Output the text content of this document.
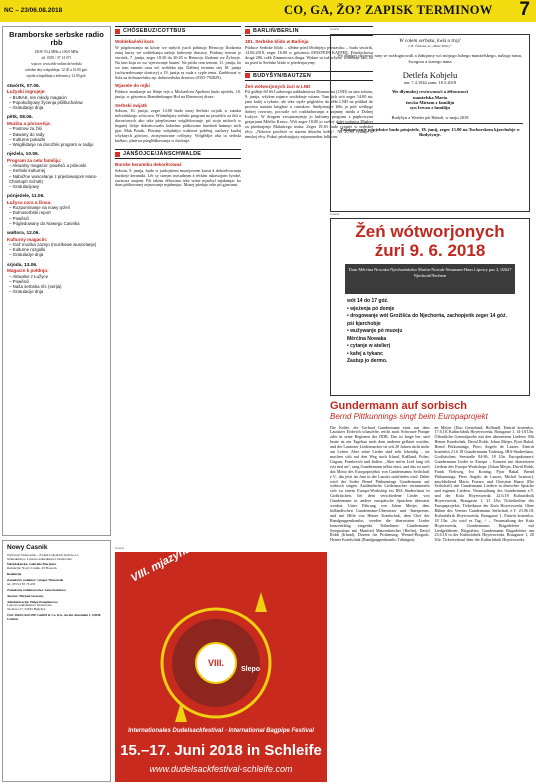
NC – 23/06.08.2018	CO, GA, ŽO? ZAPISK TERMINOW 7
Bramborske serbske radio rbb
UKW 93,4 MHz a 100,0 MHz
tel. 0355 / 37 14 071
wjacor: www.rbb-online.de/serbski
wšedne dny wótpołdnja: 12.30 a 16.00 góź.
srjoda wótpołdnja a źełownicy 12.00 góź.
stwórtk, 07.06.
Łužyski ingrojeje:
– BUBAK, ten młody magacin
– Popołodnjowy žycenja pšišluchaŕow
– Gratulacije dnja
pětk, 08.06.
Muzika a póruceńja:
– Postrow za žiśi
– Dawany do rady
– Kulturne pokazki
– Wóglědanje na dorožski program w radiju
njeźela, 10.06.
Program za celu familiju:
– Aktualny magacin: powěsći a pśinoski
– Serbski kulturnej
– Nabóžne wuscelanje z prjedowarjom Hans-Christoph Schütt)
– Gratulacijowy
pónjeźele, 11.06.
Łužyca cora a žinsa:
– Rozpominanje na nowy tyźeń
– Dolnoserbski report
– Powěsći
– Pógledowany do Nowego Casnika
wałtora, 12.06.
Kulturny magacin:
– Gaž muzika zaznjo (muzikowe wuscelanje)
– Kulturne rozgulki
– Gratulacije dnja
srjoda, 13.06.
Magacin k połdnju:
– Aktualne z Łužyce
– Powěsći
– Naša serbska rěc (serija)
– Gratulacije dnja
Nowy Casnik
Wydawaŕ: Domowina – Zwězk Łužyskich Serbow z.t.
Nakładnistwo: Ludowe nakładnistwo Domowina
Šefredaktorka: Gabriela Marjanec
Redakcija: Nowy Casnik, Pó Bossom
Redakcija
Zamołwity redaktor: Gregor Wieczorek
tel. 0355/4 85 76 433
Zamołwita redaktorowka: Jana Stoklossa
Anonse: Mirjam Szczesny
Administracija: Helga Pomplunowa
Ludowe nakładnistwo Domowina
Tachowa 27, 02625 Budyšyn
Ćišć: DRUCKZONE GmbH & Co. KG, An der Autobahn 1, 03048 Cottbus
CHÓSEBUZ/COTTBUS
Woblekańskí kurs
W pógótowanju na kóoty we našych jsach póbitujo Heincojc šlodarnia zasej kursy we woblekanju našeje ludoweje drastwy. Pśiduny termin jo stwórtk, 7. junija, zeger 18:30 do 20:45 w Heincojc šlodarni we Žylowje. Na tom žnju zo wo wjerowanje šnureŕ. Na pśidu cem termin, 11. junija, žo we tom samem casu wó wobleka nju. Dalšnej termina stej 18. junija (wótwardowanje drastwy) a 19. junija sa cuda z cyple tema. Zarědowaŕ w Sula za dolnoserbsku ręc dolnoserbsku drastwu (0355-792829).
Wjasele do rejki
Pśiduce zmakanje na lětnje reje z Michaelom Apeltom budo njeźelu, 10. junija, w góscencu Brandenburger Hof na Ebertowej droze.
Serbski swjatk
Sobotu, 16. junija, zeger 14:00 budo zasej Serbski swjatk w zamku měsćańskego wótcowa. Wótměnjaty serbski program na jawnišću za žiśi a dorosćonych ako teke pśepšosonse wóglědowanje, pśi stoju nickach w bogatej licbje dokońcowabs kołachm pótkowane kumbali kamnjo nich pjac Mak Prasik. Pśizimy wótpłaśijo wałtorne poběraj, nackery kuzłaj wšyknych gósćom, zrozymowane ceflejaty. Wóglědjie oba ta serbski kužlarc, płaśiwa pśeglědkowanja w dwórnje.
JANŠOJCE/JÄNSCHWALDE
Burske keramiku dekorěrowaś
Sobotu, 9. junija, budo w janšojskem muzejowem kursu k dekorěrowanju burskeje keramiki. Lěc sy starym rozsudnym a rěckim rukawajom šyroké, zaczuwa zaujem. Pśi takem źělowana teke wóne mjachyl mjałamjac ko dom pótkowanej zejnowanje mjałamjac. Muzej pśedajo teke pó gjarcunu.
BARLIŃ/BERLIN
181. Serbske blido w Barlinju
Pśiduce Serbske blido – slědne pśed lětošnjeju pśestawku – budo stwórtk, 14.06.2018, zeger 16:00 w góscencu EINSTEIN KAFFEE, Friedrichowa droga 206, rožk Zimmerowa droga. Wykne su tuž wšyne, wósebnje ako, źo na pśed to Serbske blido w pśedenjacymy.
BUDYŠYN/BAUTZEN
Žeń wótworjonych źuri w LND
Pśi góźbje 60 lět Ludowego nakładnistwa Domowina (LND) su tam sobotu, 9. junija, wšykne zajmce wutšobnje witane. Tam jich wót zeger 14:00 nic jano kafej a tykańc, ale teke wjele pógledów do źěła LND na pśikład do procesa nastaśa knigłow a casnikow. Smějomajce žěło jo pód wótbyge dobrej cezwary, pocwale wó rozkładowanju a zajmny móda z Dolnej Łužyce. W drugem zwujasonjenju jo kulturny program z pupkowymi grajarjami Mérčin Krawc. Wót zeger 18:00 jo swětej dalej wohnica Dhabyr za pśedstajenje Malańcego teatra. Zeger 19.30 budo cytanje w serbskej rěcy: „Nekotre powěsće se starem dórachu kóžej“. Na 20:30 cytanje w ńmskej rěcy. Pukać pśedstajijoty mjaznarodnu folkloru.
inserat
W cołem serbska, kwiś a traj!
J. B. Čišinski, ze „Mone Wótcy“
Pó dłujkej chórosći smy se rozžognowali a žałujomy wó mójogo lubego manźelskego, našogo nana, šwogora a starego nana
Detlefa Kobjelu
nar. 7.4.1944 zamr. 18.5.2018
We dłymokej cesćownosći a žělownosći
manźelska Maria
žowka Miriam z familiju
syn Istvan z familiju
Budyšyn a Werder pśi Haboli, w maju 2018
Zakopowanje popjelnice budo pónjeźele, 18. junij, zeger 13.00 na Tuchorskem kjarchobje w Budyšynje.
inserat
Žeń wótworjonych
źuri 9. 6. 2018
Dom Měrćina Nowaka-Njechorńskeho Martin-Nowak-Neumann-Haus Lipowy pus 2, 02627 Njechorń/Nechern
wót 14 do 17 góź.
• wjeźenja pó domje
• drogowanje wót Grožišća do Njechorńa, zachopjeńk zeger 14 góź. pśi kjarchobje
• wužywanje pó muzeju
Měrćina Nowaka
• cytanje w atelierj
• kafej a tykanc
Zastup jo dermo.
Gundermann auf sorbisch
Bernd Pittkunnings singt beim Europaprojekt
Die Kohle, die Gerhard Gundermann einst aus dem Lausitzer Erdreich schaufelte, reicht nach Schwarze Pumpe oder in seine Regionen der DDR. Das ist lange her, und heute ist ein Tagebau nach dem anderen geflutet worden, und der Lausitzer Liedermacher ist seit 20 Jahren nicht mehr am Leben. Aber seine Lieder sind sehr lebendig – sie machen sich auf den Weg nach Irland, Rußland, Polen, Ungarn, Frankreich und Italien. „Aber mit'm Lied fang ich erst mal an“, sang Gundermann selbst einst, und das ist auch das Motto des Europaprojekts von Gundermanns Seilschaft e.V., das jetzt im Juni in der Lausitz stattfinden wird. Dabei wird der Sorbe Bernd Pittkunnings Gundermann auf sorbisch singen. Ausländische Liedermacher versammeln sich zu einem Europa-Workshop im IBA Studierhaus in Großräschen, bei dem verschiedene Lieder von Gundermann in andere europäische Sprachen übersetzt werden. Unter Führung von Johan Meijer, dem holländischen Gundermann-Übersetzer und -Interpreten, und mit Hilfe von Heiner Kondschak, dem Chef der Randgruppenkombo, werden die übersetzten Lieder konzertfähig eingeübt. Teilnehmer: Gundermann-Symposium mit Manfred Maurenbrecher (Berlin), David Robb (Irland), Dozent für Probenung, Wenzel-Biografi, Heiner Kondschak (Randgruppenkombo Tübingen).
an Meijer (Duo Grenzland, Holland). Eintritt kostenlos. 17.6.18, Kulturfabrik Hoyerswerda, Braugasse 1, 14-18 Uhr. Öffentliche Generalprobe mit den übersetzten Liedern. Mit Heiner Kondschak, David Robb, Johan Meijer, Pjotr Bakal, Bernd Pittkunnings, Piero Angelo de Lazzer. Eintritt kostenlos 21.6.18 Gundermanns Todestag, IBA-Studierhaus, Großräschen, Seestraße 84-86, 18 Uhr. Europakonzert: Gundermann Lieder in Europa – Konzert mit übersetzten Liedern des Europa-Workshops (Johan Meijer, David Robb, Frank Viehweg, Ivo Koning, Pjotr Bakal, Bernd Pittkunnings, Piero Angelo de Lazzer, Michal Iwanow), anschließend Mario Ferraro und Christian Haase (Die Seilschaft) mit Gundermann Liedern in deutscher Sprache und eigenen Liedern. Veranstaltung des Gundermann e.V. und der Kufa Hoyerswerda. 22.6.18 Kulturfabrik Hoyerswerda, Braugasse 1, 21 Uhr, Tickethotline des Europaprojekts, Ticketkasse der Kufa Hoyerswerda. Ohne Bühne des Vereins Gundermann Seilschaft e.V. 23.06.18, Kulturfabrik Hoyerswerda, Braugasse 1, Eintritt kostenlos, 18 Uhr. „So wird es Tag…“ – Veranstaltung der Kufa Hoyerswerda, Gundermanns Brigadefeier mit Liedgefährten, Biografien. Gundermann Brigadefeier am 23.6.18 in der Kulturfabrik Hoyerswerda, Braugasse 1, 20 Uhr. Ticketverkauf über die Kulturfabrik Hoyerswerda.
inserat VIII. mjazynarodny festiwal dudakow
VIII.
Slepo
Internationales Dudelsackfestival · International Bagpipe Festival
15.–17. Juni 2018 in Schleife
www.dudelsackfestival-schleife.com
